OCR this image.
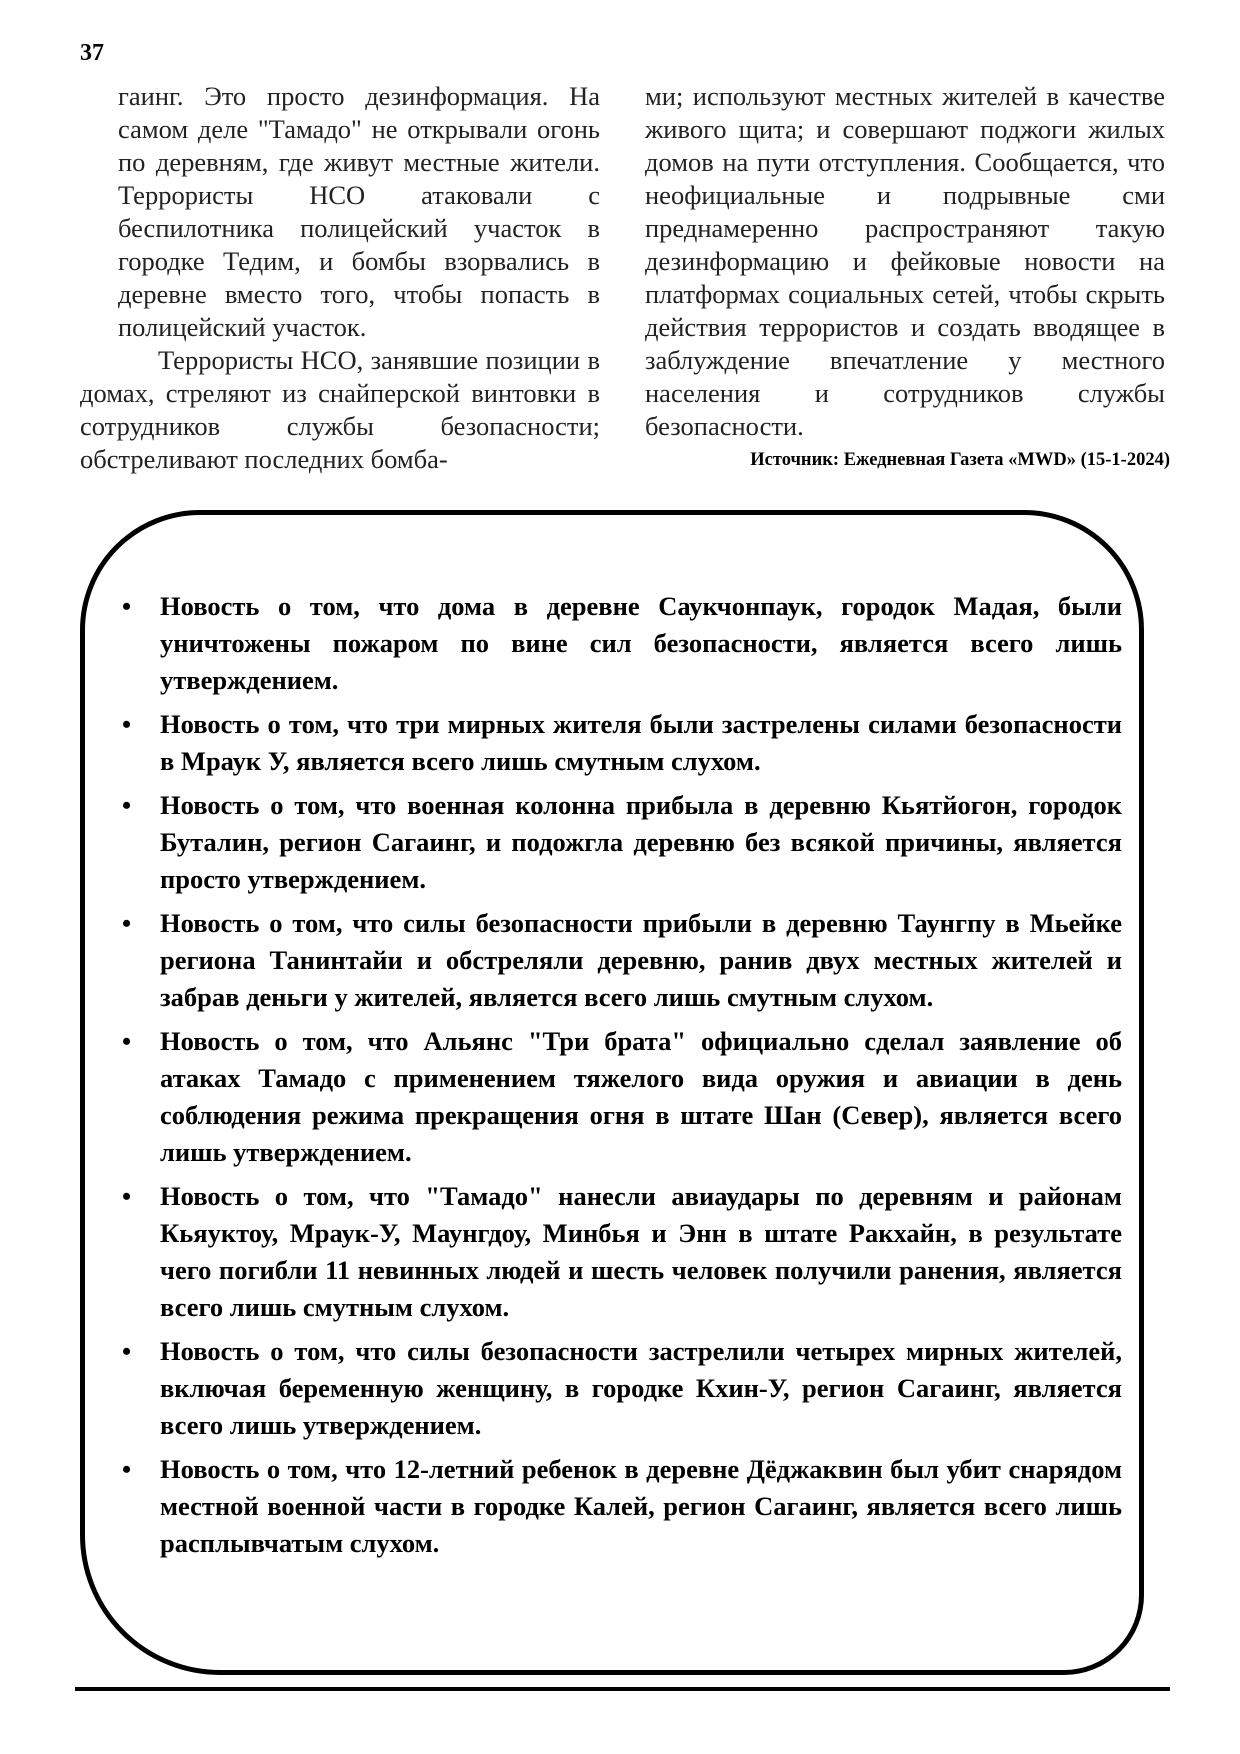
37

гаинг. Это просто дезинформация. На самом деле "Тамадо" не открывали огонь по деревням, где живут местные жители. Террористы НСО атаковали с беспилотника полицейский участок в городке Тедим, и бомбы взорвались в деревне вместо того, чтобы попасть в полицейский участок.

Террористы НСО, занявшие позиции в домах, стреляют из снайперской винтовки в сотрудников службы безопасности; обстреливают последних бомба-

ми; используют местных жителей в качестве живого щита; и совершают поджоги жилых домов на пути отступления. Сообщается, что неофициальные и подрывные сми преднамеренно распространяют такую дезинформацию и фейковые новости на платформах социальных сетей, чтобы скрыть действия террористов и создать вводящее в заблуждение впечатление у местного населения и сотрудников службы безопасности.

Источник: Ежедневная Газета «MWD» (15-1-2024)
• Новость о том, что дома в деревне Саукчонпаук, городок Мадая, были уничтожены пожаром по вине сил безопасности, является всего лишь утверждением.
• Новость о том, что три мирных жителя были застрелены силами безопасности в Мраук У, является всего лишь смутным слухом.
• Новость о том, что военная колонна прибыла в деревню Кьятйогон, городок Буталин, регион Сагаинг, и подожгла деревню без всякой причины, является просто утверждением.
• Новость о том, что силы безопасности прибыли в деревню Таунгпу в Мьейке региона Танинтайи и обстреляли деревню, ранив двух местных жителей и забрав деньги у жителей, является всего лишь смутным слухом.
• Новость о том, что Альянс "Три брата" официально сделал заявление об атаках Тамадо с применением тяжелого вида оружия и авиации в день соблюдения режима прекращения огня в штате Шан (Север), является всего лишь утверждением.
• Новость о том, что "Тамадо" нанесли авиаудары по деревням и районам Кьяуктоу, Мраук-У, Маунгдоу, Минбья и Энн в штате Ракхайн, в результате чего погибли 11 невинных людей и шесть человек получили ранения, является всего лишь смутным слухом.
• Новость о том, что силы безопасности застрелили четырех мирных жителей, включая беременную женщину, в городке Кхин-У, регион Сагаинг, является всего лишь утверждением.
• Новость о том, что 12-летний ребенок в деревне Дёджаквин был убит снарядом местной военной части в городке Калей, регион Сагаинг, является всего лишь расплывчатым слухом.
